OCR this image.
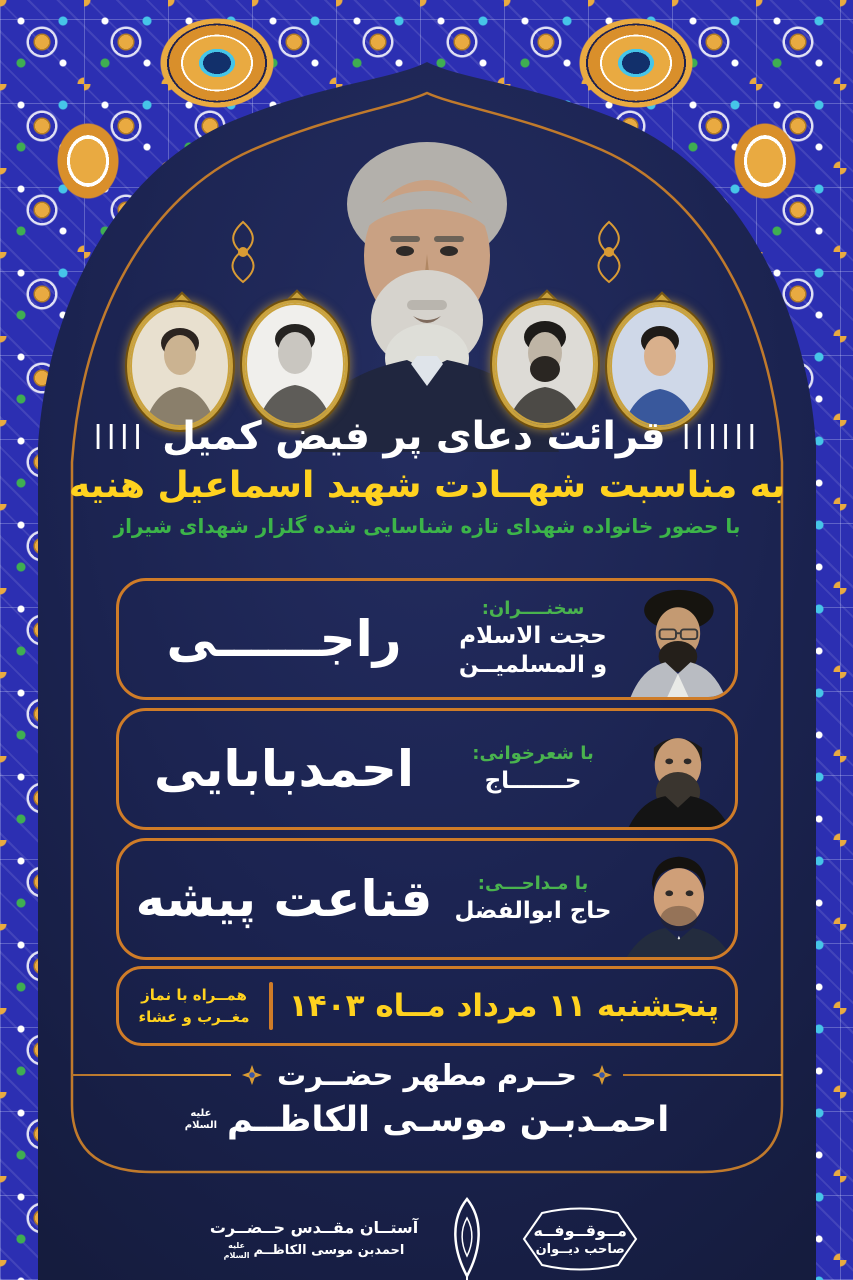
|||| قرائت دعای پر فیض کمیل ||||||
به مناسبت شهــادت شهید اسماعیل هنیه
با حضور خانواده شهدای تازه شناسایی شده گلزار شهدای شیراز
سخنــــران:
حجت الاسلام
و المسلمیــن
راجــــــی
با شعرخوانی:
حـــــــاج
احمدبابایی
با مـداحـــی:
حاج ابوالفضل
قناعت پیشه
پنجشنبه ۱۱ مرداد مــاه ۱۴۰۳
همــراه با نماز
مغــرب و عشاء
حــرم مطهر حضــرت
احمـدبـن موسـی الکاظــم
علیه
السلام
مــوقــوفــه
صاحب دیــوان
آستــان مقــدس حــضــرت
احمدبن موسی الکاظــم
علیه
السلام
